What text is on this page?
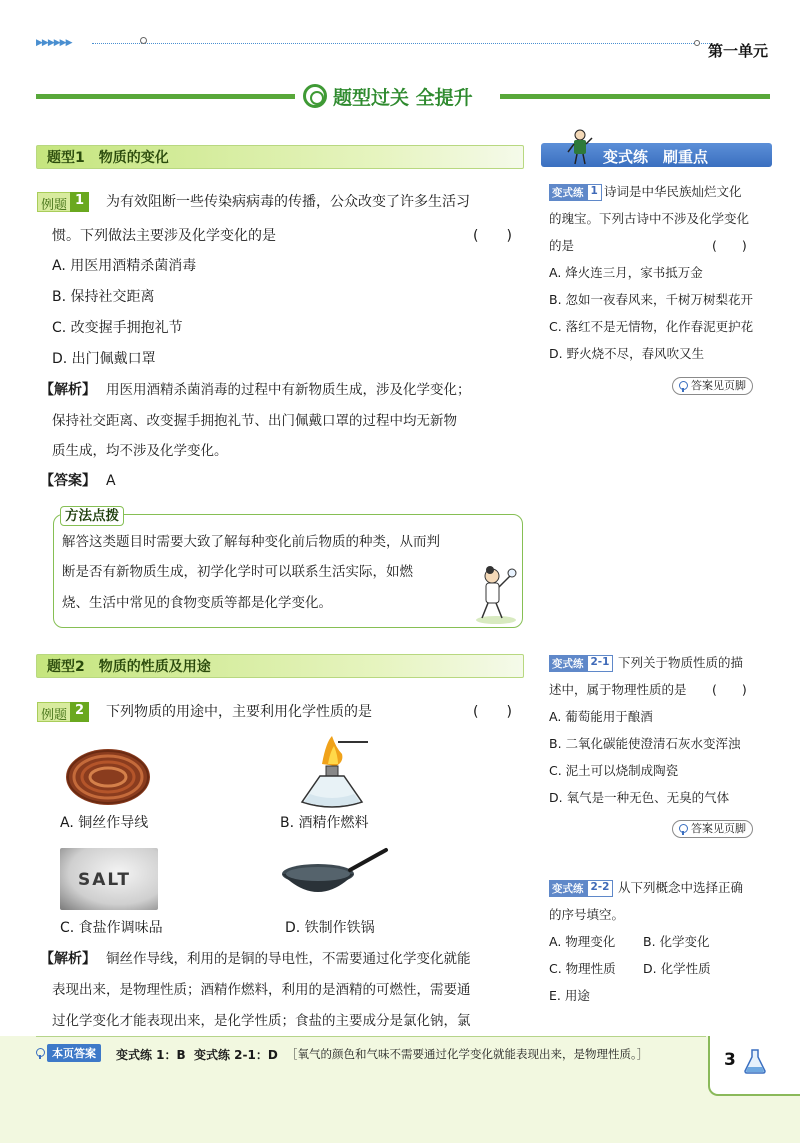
▶▶▶▶▶▶	第一单元
题型过关 全提升
题型1　物质的变化
例题 1	为有效阻断一些传染病病毒的传播，公众改变了许多生活习
惯。下列做法主要涉及化学变化的是	(　　)
A. 用医用酒精杀菌消毒
B. 保持社交距离
C. 改变握手拥抱礼节
D. 出门佩戴口罩
【解析】 用医用酒精杀菌消毒的过程中有新物质生成，涉及化学变化；
保持社交距离、改变握手拥抱礼节、出门佩戴口罩的过程中均无新物
质生成，均不涉及化学变化。
【答案】 A
方法点拨
解答这类题目时需要大致了解每种变化前后物质的种类，从而判
断是否有新物质生成，初学化学时可以联系生活实际，如燃
烧、生活中常见的食物变质等都是化学变化。
题型2　物质的性质及用途
例题 2	下列物质的用途中，主要利用化学性质的是	(　　)
A. 铜丝作导线	B. 酒精作燃料
SALT
C. 食盐作调味品	D. 铁制作铁锅
【解析】 铜丝作导线，利用的是铜的导电性，不需要通过化学变化就能
表现出来，是物理性质；酒精作燃料，利用的是酒精的可燃性，需要通
过化学变化才能表现出来，是化学性质；食盐的主要成分是氯化钠，氯
变式练　刷重点
变式练 1 诗词是中华民族灿烂文化
的瑰宝。下列古诗中不涉及化学变化
的是	(　　)
A. 烽火连三月，家书抵万金
B. 忽如一夜春风来，千树万树梨花开
C. 落红不是无情物，化作春泥更护花
D. 野火烧不尽，春风吹又生
答案见页脚
变式练 2-1 下列关于物质性质的描
述中，属于物理性质的是 (　　)
A. 葡萄能用于酿酒
B. 二氧化碳能使澄清石灰水变浑浊
C. 泥土可以烧制成陶瓷
D. 氧气是一种无色、无臭的气体
答案见页脚
变式练 2-2 从下列概念中选择正确
的序号填空。
A. 物理变化 B. 化学变化
C. 物理性质 D. 化学性质
E. 用途
本页答案	变式练 1：B 变式练 2-1：D ［氧气的颜色和气味不需要通过化学变化就能表现出来，是物理性质。］	3
